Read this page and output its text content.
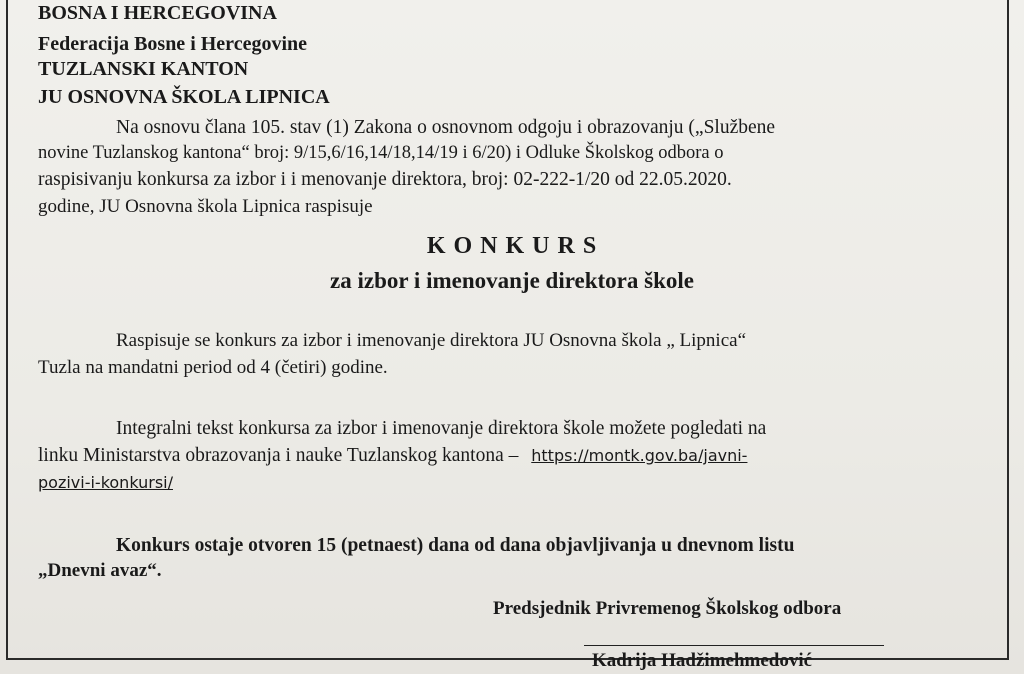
BOSNA I HERCEGOVINA
Federacija Bosne i Hercegovine
TUZLANSKI KANTON
JU OSNOVNA ŠKOLA LIPNICA
Na osnovu člana 105. stav (1) Zakona o osnovnom odgoju i obrazovanju („Službene
novine Tuzlanskog kantona“ broj: 9/15,6/16,14/18,14/19 i 6/20) i Odluke Školskog odbora o
raspisivanju konkursa za izbor i i menovanje direktora, broj: 02-222-1/20 od 22.05.2020.
godine, JU Osnovna škola Lipnica raspisuje
K O N K U R S
za izbor i imenovanje direktora škole
Raspisuje se konkurs za izbor i imenovanje direktora JU Osnovna škola „ Lipnica“
Tuzla na mandatni period od 4 (četiri) godine.
Integralni tekst konkursa za izbor i imenovanje direktora škole možete pogledati na
linku Ministarstva obrazovanja i nauke Tuzlanskog kantona – https://montk.gov.ba/javni-
pozivi-i-konkursi/
Konkurs ostaje otvoren 15 (petnaest) dana od dana objavljivanja u dnevnom listu
„Dnevni avaz“.
Predsjednik Privremenog Školskog odbora
Kadrija Hadžimehmedović
